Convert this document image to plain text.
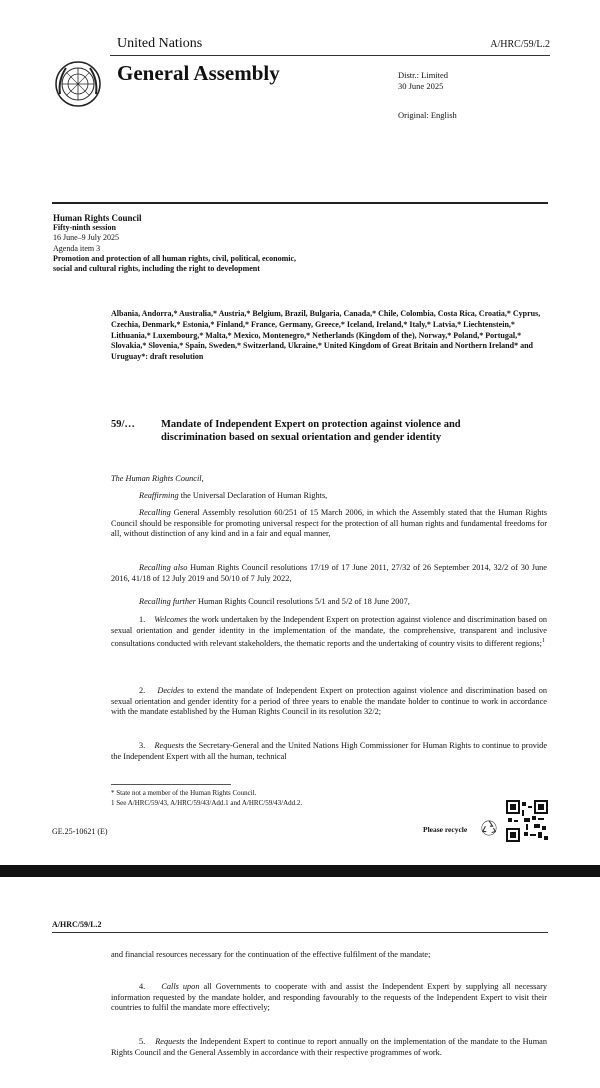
United Nations	A/HRC/59/L.2
General Assembly	Distr.: Limited
30 June 2025
Original: English
Human Rights Council
Fifty-ninth session
16 June–9 July 2025
Agenda item 3
Promotion and protection of all human rights, civil, political, economic, social and cultural rights, including the right to development
Albania, Andorra,* Australia,* Austria,* Belgium, Brazil, Bulgaria, Canada,* Chile, Colombia, Costa Rica, Croatia,* Cyprus, Czechia, Denmark,* Estonia,* Finland,* France, Germany, Greece,* Iceland, Ireland,* Italy,* Latvia,* Liechtenstein,* Lithuania,* Luxembourg,* Malta,* Mexico, Montenegro,* Netherlands (Kingdom of the), Norway,* Poland,* Portugal,* Slovakia,* Slovenia,* Spain, Sweden,* Switzerland, Ukraine,* United Kingdom of Great Britain and Northern Ireland* and Uruguay*: draft resolution
59/… Mandate of Independent Expert on protection against violence and discrimination based on sexual orientation and gender identity
The Human Rights Council,
Reaffirming the Universal Declaration of Human Rights,
Recalling General Assembly resolution 60/251 of 15 March 2006, in which the Assembly stated that the Human Rights Council should be responsible for promoting universal respect for the protection of all human rights and fundamental freedoms for all, without distinction of any kind and in a fair and equal manner,
Recalling also Human Rights Council resolutions 17/19 of 17 June 2011, 27/32 of 26 September 2014, 32/2 of 30 June 2016, 41/18 of 12 July 2019 and 50/10 of 7 July 2022,
Recalling further Human Rights Council resolutions 5/1 and 5/2 of 18 June 2007,
1. Welcomes the work undertaken by the Independent Expert on protection against violence and discrimination based on sexual orientation and gender identity in the implementation of the mandate, the comprehensive, transparent and inclusive consultations conducted with relevant stakeholders, the thematic reports and the undertaking of country visits to different regions;$^1$
2. Decides to extend the mandate of Independent Expert on protection against violence and discrimination based on sexual orientation and gender identity for a period of three years to enable the mandate holder to continue to work in accordance with the mandate established by the Human Rights Council in its resolution 32/2;
3. Requests the Secretary-General and the United Nations High Commissioner for Human Rights to continue to provide the Independent Expert with all the human, technical
* State not a member of the Human Rights Council.
1 See A/HRC/59/43, A/HRC/59/43/Add.1 and A/HRC/59/43/Add.2.
GE.25-10621 (E)	Please recycle
A/HRC/59/L.2
and financial resources necessary for the continuation of the effective fulfilment of the mandate;
4. Calls upon all Governments to cooperate with and assist the Independent Expert by supplying all necessary information requested by the mandate holder, and responding favourably to the requests of the Independent Expert to visit their countries to fulfil the mandate more effectively;
5. Requests the Independent Expert to continue to report annually on the implementation of the mandate to the Human Rights Council and the General Assembly in accordance with their respective programmes of work.
